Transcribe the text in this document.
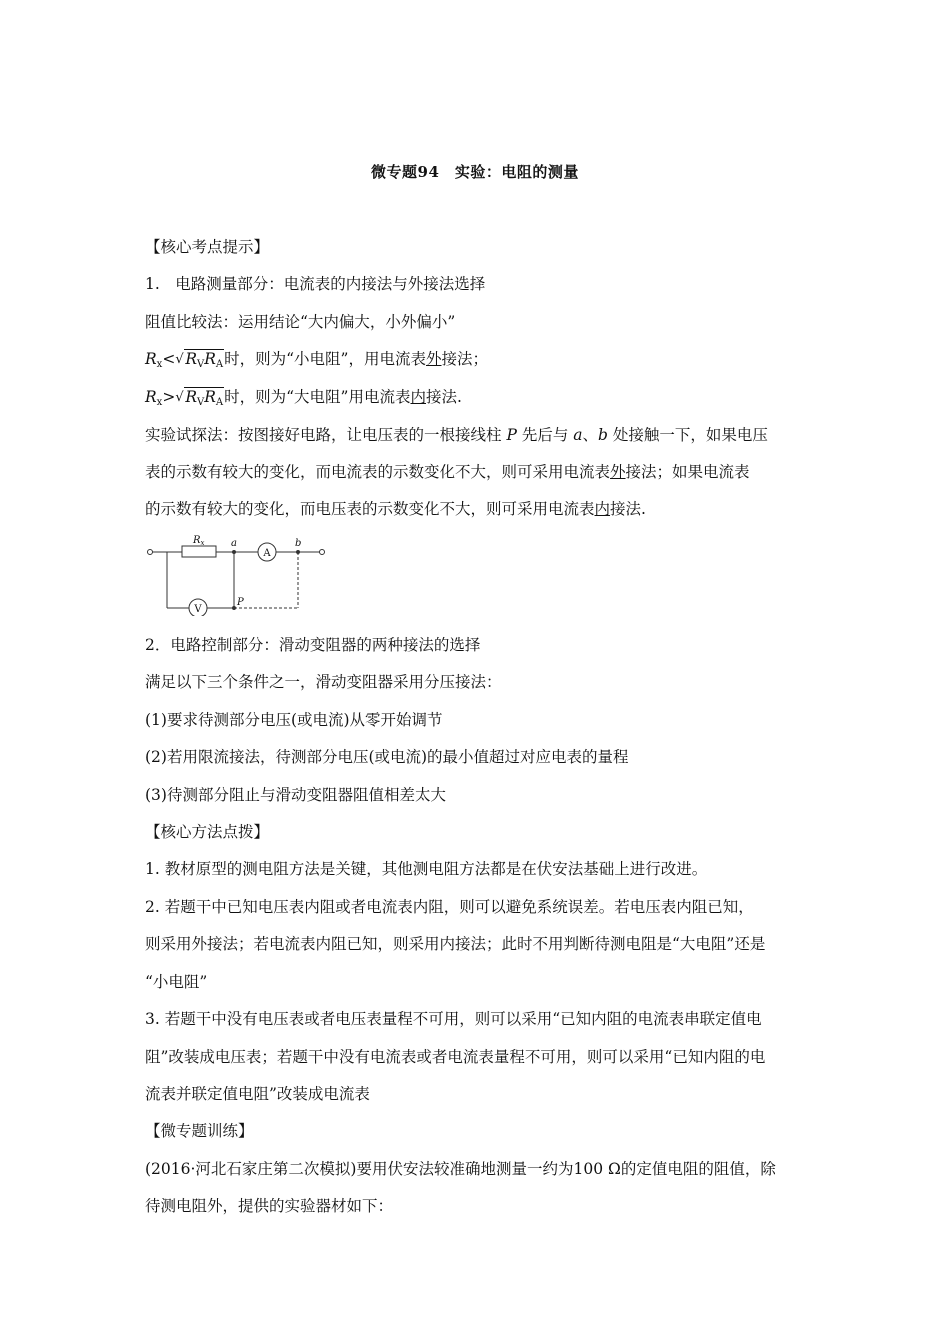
微专题94　实验：电阻的测量
【核心考点提示】
1.　电路测量部分：电流表的内接法与外接法选择
阻值比较法：运用结论“大内偏大，小外偏小”
$R_x<$ √ $R_VR_A$时，则为“小电阻”，用电流表外接法；
$R_x>$ √ $R_VR_A$时，则为“大电阻”用电流表内接法.
实验试探法：按图接好电路，让电压表的一根接线柱 P 先后与 a、b 处接触一下，如果电压
表的示数有较大的变化，而电流表的示数变化不大，则可采用电流表外接法；如果电流表
的示数有较大的变化，而电压表的示数变化不大，则可采用电流表内接法.
$R_x$
A
V
a	b
P
2．电路控制部分：滑动变阻器的两种接法的选择
满足以下三个条件之一，滑动变阻器采用分压接法：
(1)要求待测部分电压(或电流)从零开始调节
(2)若用限流接法，待测部分电压(或电流)的最小值超过对应电表的量程
(3)待测部分阻止与滑动变阻器阻值相差太大
【核心方法点拨】
1. 教材原型的测电阻方法是关键，其他测电阻方法都是在伏安法基础上进行改进。
2. 若题干中已知电压表内阻或者电流表内阻，则可以避免系统误差。若电压表内阻已知，
则采用外接法；若电流表内阻已知，则采用内接法；此时不用判断待测电阻是“大电阻”还是
“小电阻”
3. 若题干中没有电压表或者电压表量程不可用，则可以采用“已知内阻的电流表串联定值电
阻”改装成电压表；若题干中没有电流表或者电流表量程不可用，则可以采用“已知内阻的电
流表并联定值电阻”改装成电流表
【微专题训练】
(2016·河北石家庄第二次模拟)要用伏安法较准确地测量一约为100 Ω的定值电阻的阻值，除
待测电阻外，提供的实验器材如下：
